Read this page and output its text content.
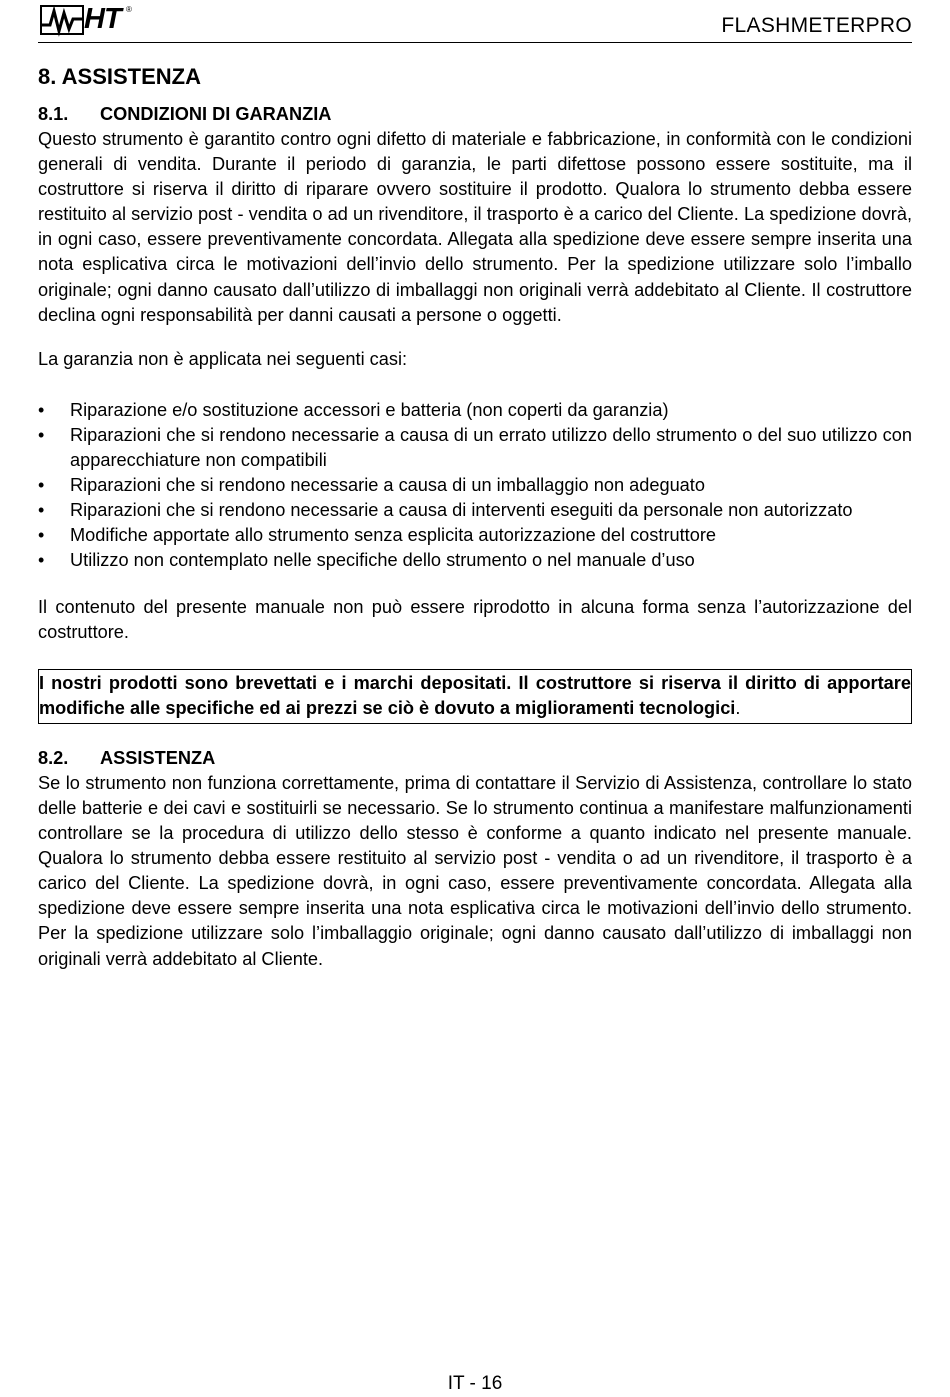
HT ®
FLASHMETERPRO
8. ASSISTENZA
8.1. CONDIZIONI DI GARANZIA

Questo strumento è garantito contro ogni difetto di materiale e fabbricazione, in conformità con le condizioni generali di vendita. Durante il periodo di garanzia, le parti difettose possono essere sostituite, ma il costruttore si riserva il diritto di riparare ovvero sostituire il prodotto. Qualora lo strumento debba essere restituito al servizio post - vendita o ad un rivenditore, il trasporto è a carico del Cliente. La spedizione dovrà, in ogni caso, essere preventivamente concordata. Allegata alla spedizione deve essere sempre inserita una nota esplicativa circa le motivazioni dell’invio dello strumento. Per la spedizione utilizzare solo l’imballo originale; ogni danno causato dall’utilizzo di imballaggi non originali verrà addebitato al Cliente. Il costruttore declina ogni responsabilità per danni causati a persone o oggetti.

La garanzia non è applicata nei seguenti casi:

• Riparazione e/o sostituzione accessori e batteria (non coperti da garanzia)
• Riparazioni che si rendono necessarie a causa di un errato utilizzo dello strumento o del suo utilizzo con apparecchiature non compatibili
• Riparazioni che si rendono necessarie a causa di un imballaggio non adeguato
• Riparazioni che si rendono necessarie a causa di interventi eseguiti da personale non autorizzato
• Modifiche apportate allo strumento senza esplicita autorizzazione del costruttore
• Utilizzo non contemplato nelle specifiche dello strumento o nel manuale d’uso

Il contenuto del presente manuale non può essere riprodotto in alcuna forma senza l’autorizzazione del costruttore.

I nostri prodotti sono brevettati e i marchi depositati. Il costruttore si riserva il diritto di apportare modifiche alle specifiche ed ai prezzi se ciò è dovuto a miglioramenti tecnologici.
8.2. ASSISTENZA

Se lo strumento non funziona correttamente, prima di contattare il Servizio di Assistenza, controllare lo stato delle batterie e dei cavi e sostituirli se necessario. Se lo strumento continua a manifestare malfunzionamenti controllare se la procedura di utilizzo dello stesso è conforme a quanto indicato nel presente manuale. Qualora lo strumento debba essere restituito al servizio post - vendita o ad un rivenditore, il trasporto è a carico del Cliente. La spedizione dovrà, in ogni caso, essere preventivamente concordata. Allegata alla spedizione deve essere sempre inserita una nota esplicativa circa le motivazioni dell’invio dello strumento. Per la spedizione utilizzare solo l’imballaggio originale; ogni danno causato dall’utilizzo di imballaggi non originali verrà addebitato al Cliente.

IT - 16
